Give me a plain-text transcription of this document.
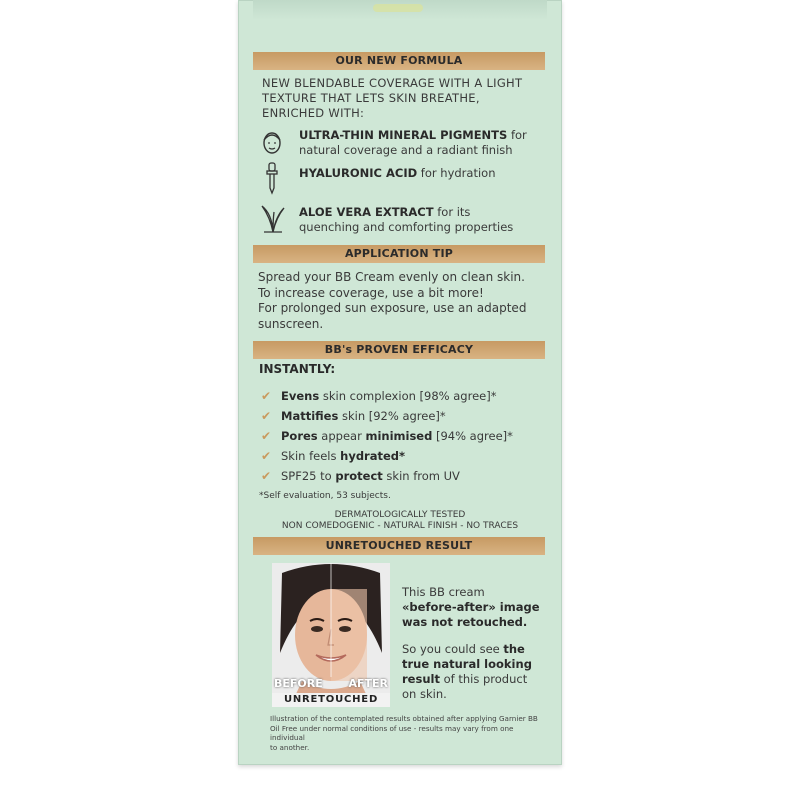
OUR NEW FORMULA
NEW BLENDABLE COVERAGE WITH A LIGHT
TEXTURE THAT LETS SKIN BREATHE,
ENRICHED WITH:
ULTRA-THIN MINERAL PIGMENTS for
natural coverage and a radiant finish
HYALURONIC ACID for hydration
ALOE VERA EXTRACT for its
quenching and comforting properties
APPLICATION TIP
Spread your BB Cream evenly on clean skin.
To increase coverage, use a bit more!
For prolonged sun exposure, use an adapted
sunscreen.
BB's PROVEN EFFICACY
INSTANTLY:
✔ Evens skin complexion [98% agree]*
✔ Mattifies skin [92% agree]*
✔ Pores appear minimised [94% agree]*
✔ Skin feels hydrated*
✔ SPF25 to protect skin from UV
*Self evaluation, 53 subjects.
DERMATOLOGICALLY TESTED
NON COMEDOGENIC - NATURAL FINISH - NO TRACES
UNRETOUCHED RESULT
BEFORE AFTER
UNRETOUCHED
This BB cream
«before-after» image
was not retouched.
So you could see the
true natural looking
result of this product
on skin.
Illustration of the contemplated results obtained after applying Garnier BB
Oil Free under normal conditions of use - results may vary from one individual
to another.
